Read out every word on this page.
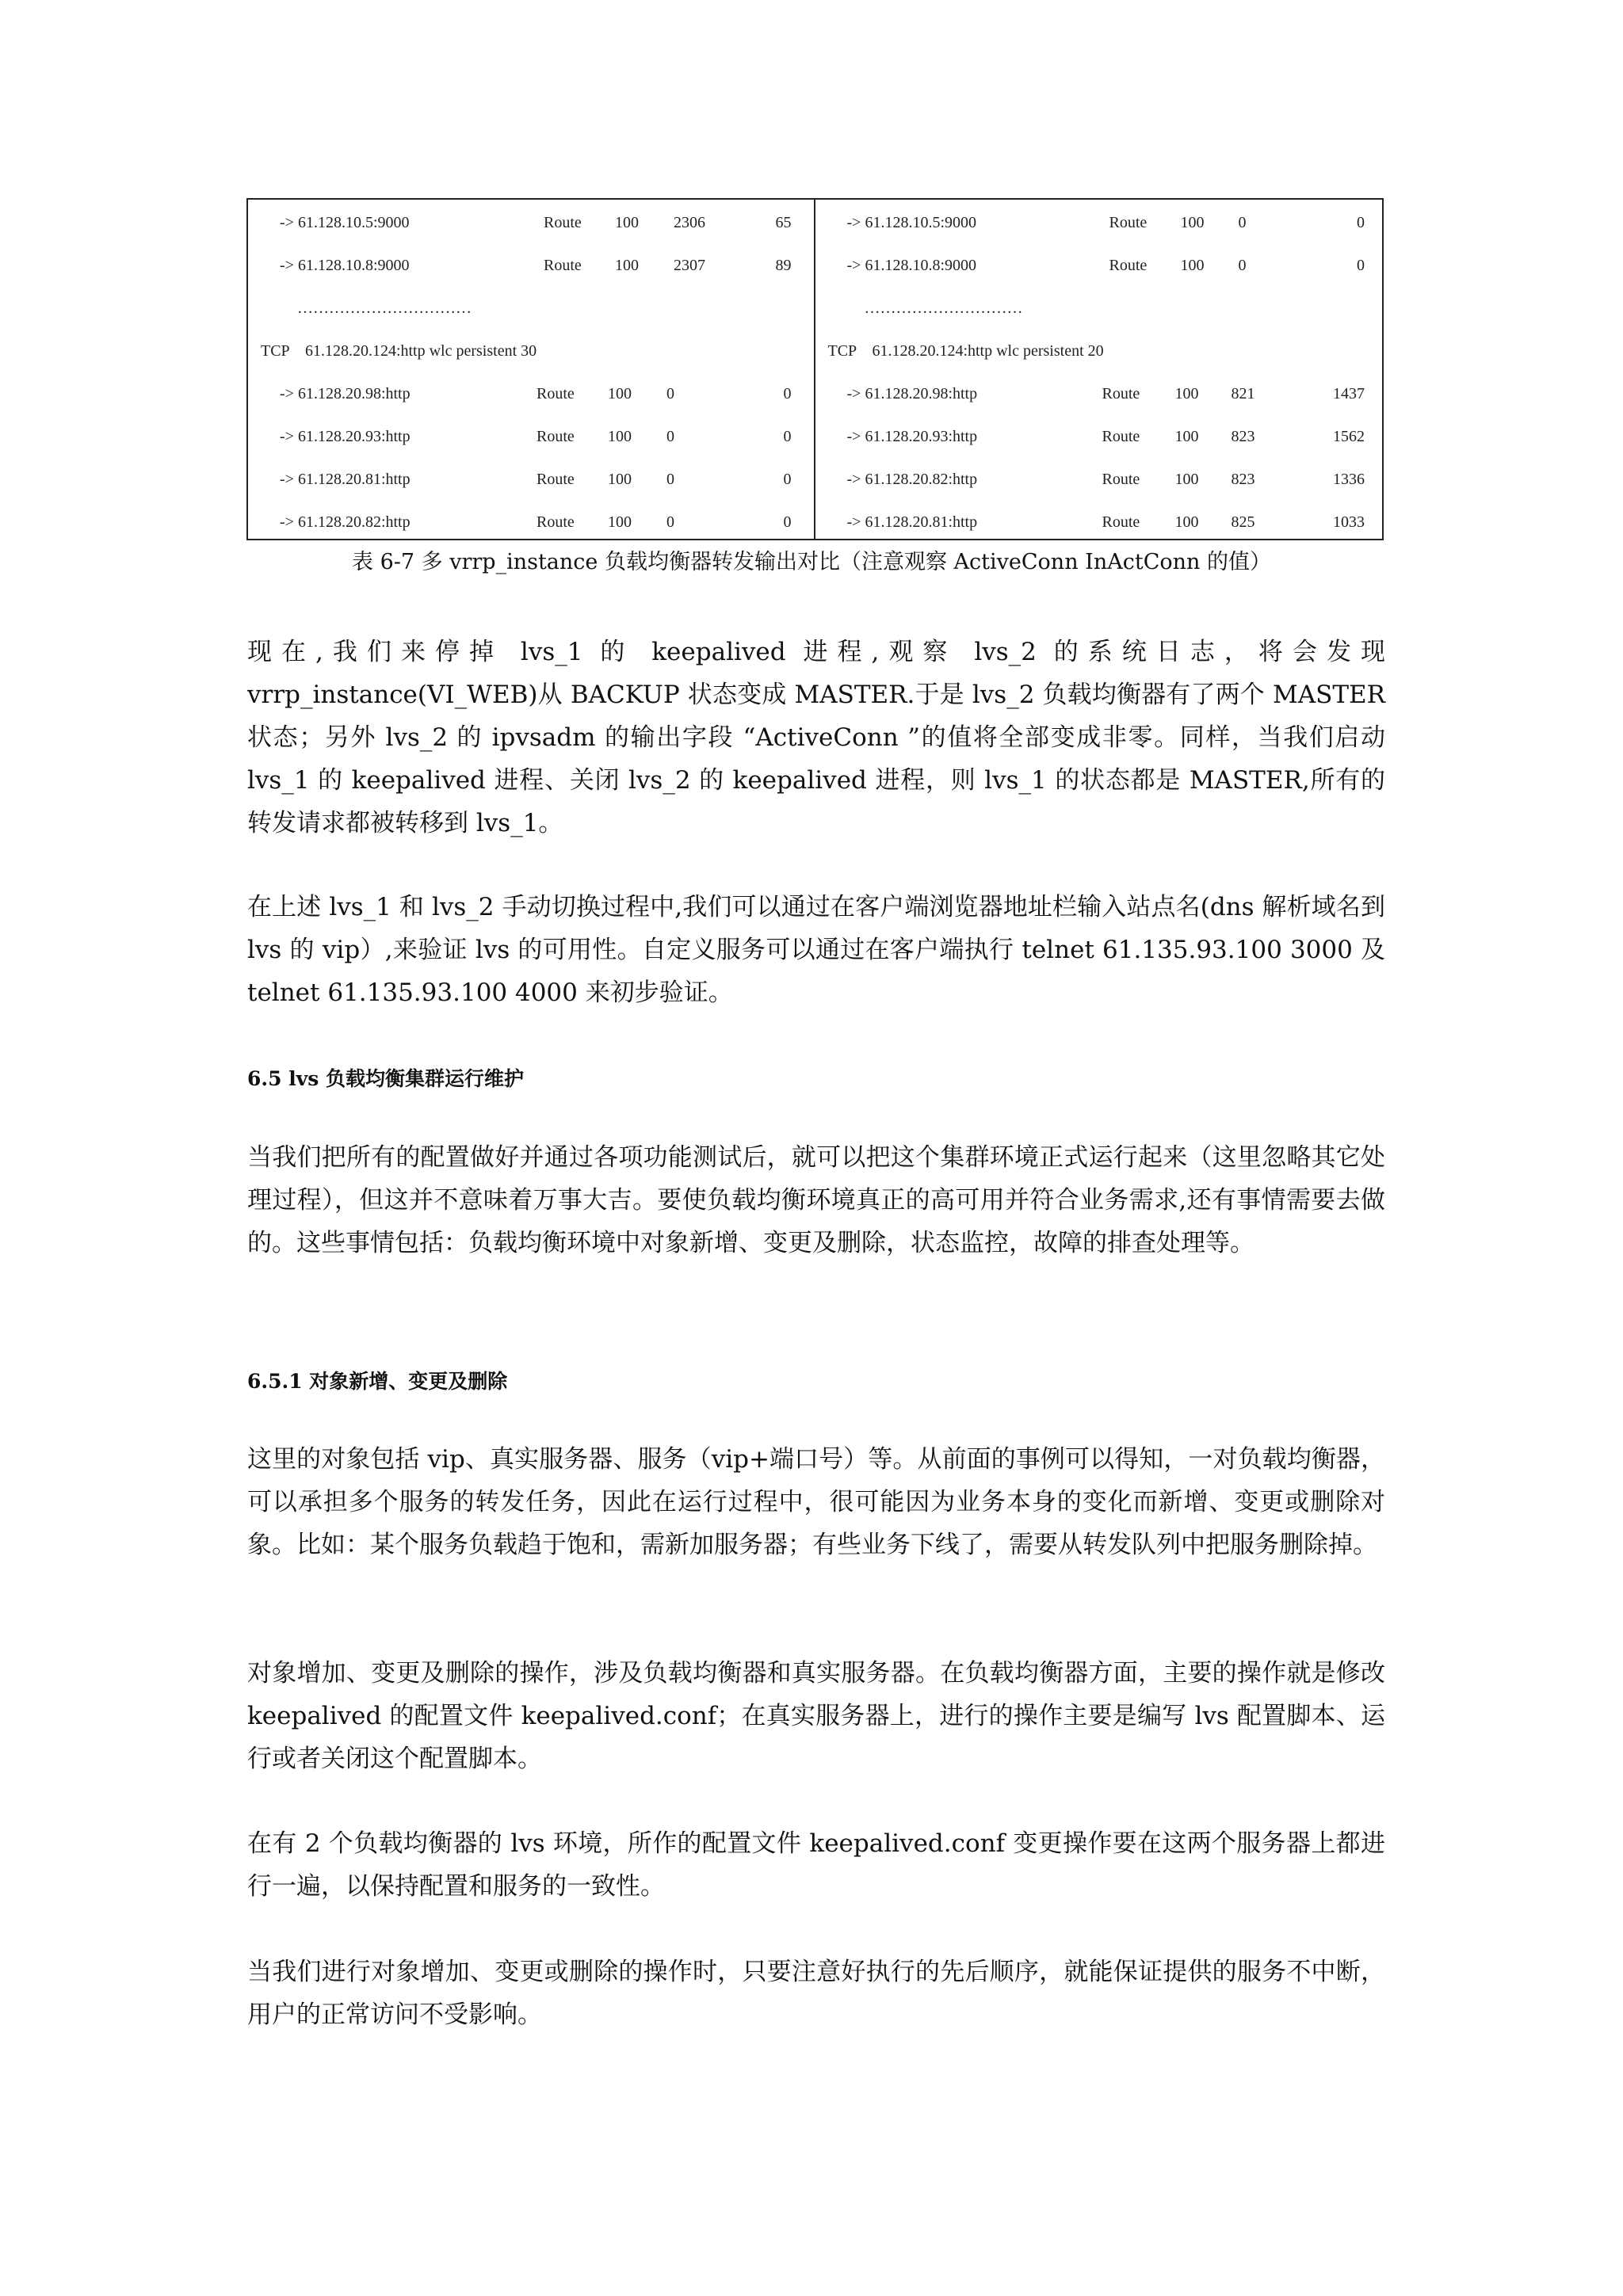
-> 61.128.10.5:9000	Route 100 2306	65
-> 61.128.10.8:9000	Route 100 2307	89
……………………………
TCP    61.128.20.124:http wlc persistent 30
-> 61.128.20.98:http	Route 100 0	0
-> 61.128.20.93:http	Route 100 0	0
-> 61.128.20.81:http	Route 100 0	0
-> 61.128.20.82:http	Route 100 0	0
-> 61.128.10.5:9000	Route 100 0	0
-> 61.128.10.8:9000	Route 100 0	0
…………………………
TCP    61.128.20.124:http wlc persistent 20
-> 61.128.20.98:http	Route 100 821	1437
-> 61.128.20.93:http	Route 100 823	1562
-> 61.128.20.82:http	Route 100 823	1336
-> 61.128.20.81:http	Route 100 825	1033
表 6-7 多 vrrp_instance 负载均衡器转发输出对比（注意观察 ActiveConn InActConn 的值）

现在,我们来停掉 lvs_1 的 keepalived 进程,观察 lvs_2 的系统日志，将会发现 vrrp_instance(VI_WEB)从 BACKUP 状态变成 MASTER.于是 lvs_2 负载均衡器有了两个 MASTER 状态；另外 lvs_2 的 ipvsadm 的输出字段 “ActiveConn ”的值将全部变成非零。同样，当我们启动 lvs_1 的 keepalived 进程、关闭 lvs_2 的 keepalived 进程，则 lvs_1 的状态都是 MASTER,所有的转发请求都被转移到 lvs_1。

在上述 lvs_1 和 lvs_2 手动切换过程中,我们可以通过在客户端浏览器地址栏输入站点名(dns 解析域名到 lvs 的 vip）,来验证 lvs 的可用性。自定义服务可以通过在客户端执行 telnet 61.135.93.100 3000 及 telnet 61.135.93.100 4000 来初步验证。

6.5 lvs 负载均衡集群运行维护

当我们把所有的配置做好并通过各项功能测试后，就可以把这个集群环境正式运行起来（这里忽略其它处理过程），但这并不意味着万事大吉。要使负载均衡环境真正的高可用并符合业务需求,还有事情需要去做的。这些事情包括：负载均衡环境中对象新增、变更及删除，状态监控，故障的排查处理等。

6.5.1 对象新增、变更及删除

这里的对象包括 vip、真实服务器、服务（vip+端口号）等。从前面的事例可以得知，一对负载均衡器，可以承担多个服务的转发任务，因此在运行过程中，很可能因为业务本身的变化而新增、变更或删除对象。比如：某个服务负载趋于饱和，需新加服务器；有些业务下线了，需要从转发队列中把服务删除掉。

对象增加、变更及删除的操作，涉及负载均衡器和真实服务器。在负载均衡器方面，主要的操作就是修改 keepalived 的配置文件 keepalived.conf；在真实服务器上，进行的操作主要是编写 lvs 配置脚本、运行或者关闭这个配置脚本。

在有 2 个负载均衡器的 lvs 环境，所作的配置文件 keepalived.conf 变更操作要在这两个服务器上都进行一遍，以保持配置和服务的一致性。

当我们进行对象增加、变更或删除的操作时，只要注意好执行的先后顺序，就能保证提供的服务不中断，用户的正常访问不受影响。
